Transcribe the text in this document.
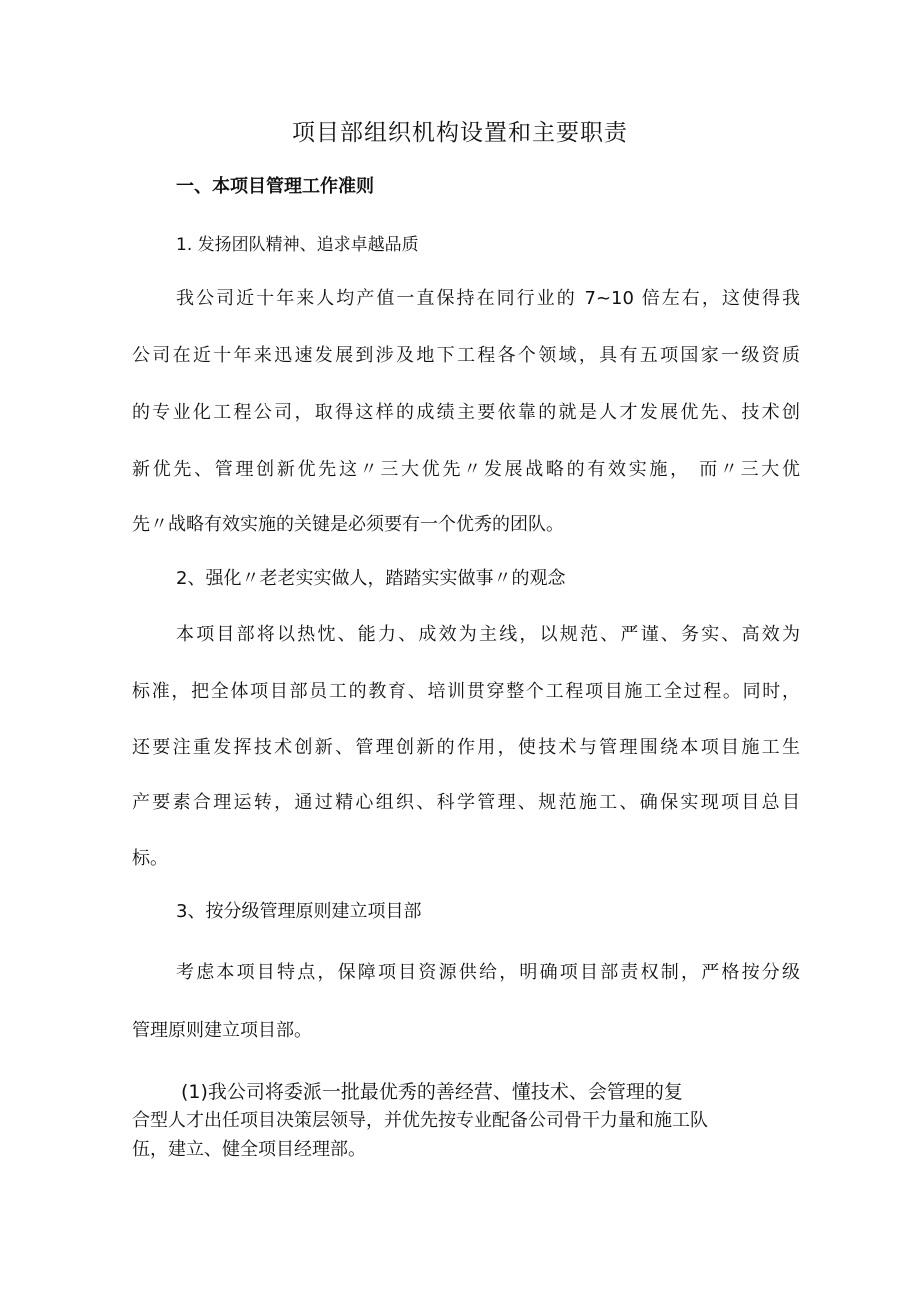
项目部组织机构设置和主要职责
一、本项目管理工作准则
1. 发扬团队精神、追求卓越品质
我公司近十年来人均产值一直保持在同行业的 7~10 倍左右，这使得我
公司在近十年来迅速发展到涉及地下工程各个领域，具有五项国家一级资质
的专业化工程公司，取得这样的成绩主要依靠的就是人才发展优先、技术创
新优先、管理创新优先这〃三大优先〃发展战略的有效实施， 而〃三大优
先〃战略有效实施的关键是必须要有一个优秀的团队。
2、强化〃老老实实做人，踏踏实实做事〃的观念
本项目部将以热忱、能力、成效为主线，以规范、严谨、务实、高效为
标准，把全体项目部员工的教育、培训贯穿整个工程项目施工全过程。同时，
还要注重发挥技术创新、管理创新的作用，使技术与管理围绕本项目施工生
产要素合理运转，通过精心组织、科学管理、规范施工、确保实现项目总目
标。
3、按分级管理原则建立项目部
考虑本项目特点，保障项目资源供给，明确项目部责权制，严格按分级
管理原则建立项目部。
(1)我公司将委派一批最优秀的善经营、懂技术、会管理的复
合型人才出任项目决策层领导，并优先按专业配备公司骨干力量和施工队
伍，建立、健全项目经理部。
